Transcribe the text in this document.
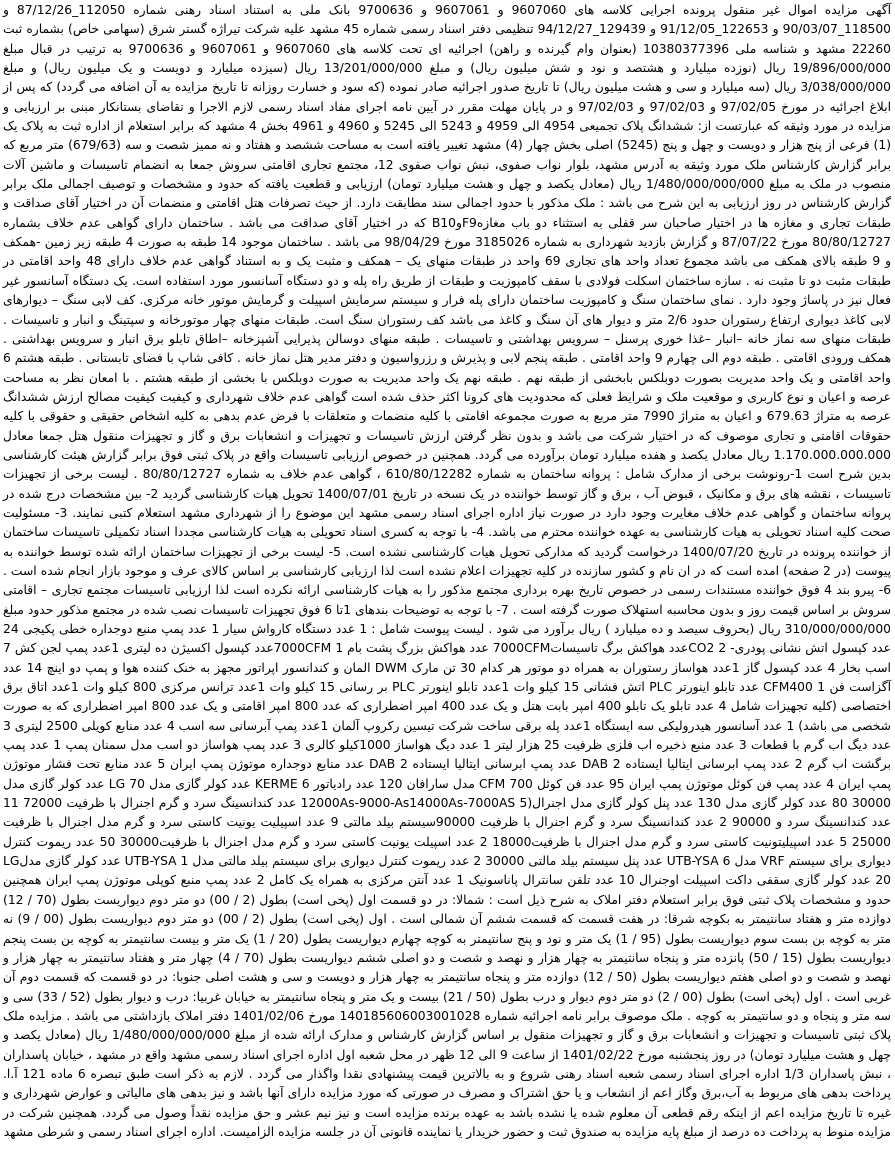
آگهی مزایده اموال غیر منقول پرونده اجرایی کلاسه های 9607060 و 9607061 و 9700636 بانک ملی به استناد اسناد رهنی شماره 112050_87/12/26 و 118500_90/03/07 و 122653_91/12/05 و 129439_94/12/27 تنظیمی دفتر اسناد رسمی شماره 45 مشهد علیه شرکت تیراژه گستر شرق (سهامی خاص) بشماره ثبت 22260 مشهد و شناسه ملی 10380377396 (بعنوان وام گیرنده و راهن) اجرائیه ای تحت کلاسه های 9607060 و 9607061 و 9700636 به ترتیب در قبال مبلغ 19/896/000/000 ریال (نوزده میلیارد و هشتصد و نود و شش میلیون ریال) و مبلغ 13/201/000/000 ریال (سیزده میلیارد و دویست و یک میلیون ریال) و مبلغ 3/038/000/000 ریال (سه میلیارد و سی و هشت میلیون ریال) تا تاریخ صدور اجرائیه صادر نموده (که سود و خسارت روزانه تا تاریخ مزایده به آن اضافه می گردد) که پس از ابلاغ اجرائیه در مورخ 97/02/05 و 97/02/03 و 97/02/03 و در پایان مهلت مقرر در آیین نامه اجرای مفاد اسناد رسمی لازم الاجرا و تقاضای بستانکار مبنی بر ارزیابی و مزایده در مورد وثیقه که عبارتست از: ششدانگ پلاک تجمیعی 4954 الی 4959 و 5243 الی 5245 و 4960 و 4961 بخش 4 مشهد که برابر استعلام از اداره ثبت به پلاک یک (1) فرعی از پنج هزار و دویست و چهل و پنج (5245) اصلی بخش چهار (4) مشهد تغییر یافته است به مساحت ششصد و هفتاد و نه ممیز شصت و سه (679/63) متر مربع که برابر گزارش کارشناس ملک مورد وثیقه به آدرس مشهد، بلوار نواب صفوی، نبش نواب صفوی 12، مجتمع تجاری اقامتی سروش جمعا به انضمام تاسیسات و ماشین آلات منصوب در ملک به مبلغ 1/480/000/000/000 ریال (معادل یکصد و چهل و هشت میلیارد تومان) ارزیابی و قطعیت یافته که حدود و مشخصات و توصیف اجمالی ملک برابر گزارش کارشناس در روز ارزیابی به این شرح می باشد : ملک مذکور با حدود اجمالی سند مطابقت دارد. از حیث تصرفات هتل اقامتی و منضمات آن در اختیار آقای صداقت و طبقات تجاری و مغازه ها در اختیار صاحبان سر قفلی به استثناء دو باب مغازهF9وB10 که در اختیار آقای صداقت می باشد . ساختمان دارای گواهی عدم خلاف بشماره 80/80/12727 مورخ 87/07/22 و گزارش بازدید شهرداری به شماره 3185026 مورخ 98/04/29 می باشد . ساختمان موجود 14 طبقه به صورت 4 طبقه زیر زمین -همکف و 9 طبقه بالای همکف می باشد مجموع تعداد واحد های تجاری 69 واحد در طبقات منهای یک – همکف و مثبت یک و به استناد گواهی عدم خلاف دارای 48 واحد اقامتی در طبقات مثبت دو تا مثبت نه . سازه ساختمان اسکلت فولادی با سقف کامپوزیت و طبقات از طریق راه پله و دو دستگاه آسانسور مورد استفاده است. یک دستگاه آسانسور غیر فعال نیز در پاساژ وجود دارد . نمای ساختمان سنگ و کامپوزیت ساختمان دارای پله فرار و سیستم سرمایش اسپیلت و گرمایش موتور خانه مرکزی. کف لابی سنگ – دیوارهای لابی کاغذ دیواری ارتفاع رستوران حدود 2/6 متر و دیوار های آن سنگ و کاغذ می باشد کف رستوران سنگ است. طبقات منهای چهار موتورخانه و سپتینگ و انبار و تاسیسات . طبقات منهای سه نماز خانه –انبار –غذا خوری پرسنل – سرویس بهداشتی و تاسیسات . طبقه منهای دوسالن پذیرایی آشپزخانه –اطاق تابلو برق انبار و سرویس بهداشتی . همکف ورودی اقامتی . طبقه دوم الی چهارم 9 واحد اقامتی . طبقه پنجم لابی و پذیرش و رزرواسیون و دفتر مدیر هتل نماز خانه . کافی شاپ با فضای تابستانی . طبقه هشتم 6 واحد اقامتی و یک واحد مدیریت بصورت دوبلکس بابخشی از طبقه نهم . طبقه نهم یک واحد مدیریت به صورت دوبلکس با بخشی از طبقه هشتم . با امعان نظر به مساحت عرصه و اعیان و نوع کاربری و موقعیت ملک و شرایط فعلی که محدودیت های کرونا اکثر حذف شده است گواهی عدم خلاف شهرداری و کیفیت کیفیت مصالح ارزش ششدانگ عرصه به متراژ 679.63 و اعیان به متراژ 7990 متر مربع به صورت مجموعه اقامتی با کلیه منضمات و متعلقات با فرض عدم بدهی به کلیه اشخاص حقیقی و حقوقی با کلیه حقوقات اقامتی و تجاری موصوف که در اختیار شرکت می باشد و بدون نظر گرفتن ارزش تاسیسات و تجهیزات و انشعابات برق و گاز و تجهیزات منقول هتل جمعا معادل 1.170.000.000.000 ریال معادل یکصد و هفده میلیارد تومان برآورده می گردد. همچنین در خصوص ارزیابی تاسیسات واقع در پلاک ثبتی فوق برابر گزارش هیئت کارشناسی بدین شرح است 1-رونوشت برخی از مدارک شامل : پروانه ساختمان به شماره 610/80/12282 ، گواهی عدم خلاف به شماره 80/80/12727 . لیست برخی از تجهیزات تاسیسات ، نقشه های برق و مکانیک ، قبوض آب ، برق و گاز توسط خواننده در یک نسخه در تاریخ 1400/07/01 تحویل هیات کارشناسی گردید 2- بین مشخصات درج شده در پروانه ساختمان و گواهی عدم خلاف مغایرت وجود دارد در صورت نیاز اداره اجرای اسناد رسمی مشهد این موضوع را از شهرداری مشهد استعلام کتبی نمایند. 3- مسئولیت صحت کلیه اسناد تحویلی به هیات کارشناسی به عهده خواننده محترم می باشد. 4- با توجه به کسری اسناد تحویلی به هیات کارشناسی مجددا اسناد تکمیلی تاسیسات ساختمان از خواننده پرونده در تاریخ 1400/07/20 درخواست گردید که مدارکی تحویل هیات کارشناسی نشده است. 5- لیست برخی از تجهیزات ساختمان ارائه شده توسط خواننده به پیوست (در 2 صفحه) امده است که در ان نام و کشور سازنده در کلیه تجهیزات اعلام نشده است لذا ارزیابی کارشناسی بر اساس کالای عرف و موجود بازار انجام شده است . 6- پیرو بند 4 فوق خواننده مستندات رسمی در خصوص تاریخ بهره برداری مجتمع مذکور را به هیات کارشناسی ارائه نکرده است لذا ارزیابی تاسیسات مجتمع تجاری – اقامتی سروش بر اساس قیمت روز و بدون محاسبه استهلاک صورت گرفته است . 7- با توجه به توضیحات بندهای 1تا 6 فوق تجهیزات تاسیسات نصب شده در مجتمع مذکور حدود مبلغ 310/000/000/000 ریال (بحروف سیصد و ده میلیارد ) ریال برآورد می شود . لیست پیوست شامل : 1 عدد دستگاه کارواش سیار 1 عدد پمپ منبع دوجداره خطی پکیجی 24 عدد کپسول اتش نشانی پودری- 2 CO2عدد هواکش برگ تاسیسات7000CFM عدد هواکش بزرگ پشت بام 1 7000CFMعدد کپسول اکسیژن ده لیتری 1عدد پمپ لجن کش 7 اسب بخار 4 عدد کپسول گاز 1عدد هواساز رستوران به همراه دو موتور هر کدام 30 تن مارک DWM المان و کندانسور اپراتور مجهز به خنک کننده هوا و پمپ دو اینچ 14 عدد آگزاست فن CFM400 1 عدد تابلو اینورتر PLC اتش فشانی 15 کیلو وات 1عدد تابلو اینورتر PLC بر رسانی 15 کیلو وات 1عدد ترانس مرکزی 800 کیلو وات 1عدد اتاق برق اختصاصی (کلیه تجهیزات شامل 4 عدد تابلو یک تابلو 400 امپر بابت هتل و یک عدد 400 امپر اضطراری که عدد 800 امپر اقامتی و یک عدد 800 امپر اضطراری که به صورت شخصی می باشد) 1 عدد آسانسور هیدرولیکی سه ایستگاه 1عدد پله برقی ساخت شرکت تیسین رکروپ آلمان 1عدد پمپ آبرسانی سه اسب 4 عدد منابع کویلی 2500 لیتری 3 عدد دیگ اب گرم با قطعات 3 عدد منبع ذخیره اب فلزی ظرفیت 25 هزار لیتر 1 عدد دیگ هواساز 1000کیلو کالری 3 عدد پمپ هواساز دو اسب مدل سمنان پمپ 1 عدد پمپ برگشت اب گرم 2 عدد پمپ ابرسانی ایتالیا ایستاده 2 DAB عدد پمپ ابرسانی ایتالیا ایستاده 2 DAB عدد منابع دوجداره موتوژن پمپ ایران 5 عدد منابع تحت فشار موتوژن پمپ ایران 4 عدد پمپ فن کوئل موتوژن پمپ ایران 95 عدد فن کوئل 700 CFM مدل سارافان 120 عدد رادیاتور KERME 6 عدد کولر گازی مدل LG 70 عدد کولر گازی مدل 30000 80 عدد کولر گازی مدل 130 عدد پنل کولر گازی مدل اجنرال(5 12000As-9000-As14000As-7000AS عدد کندانسینگ سرد و گرم اجنرال با ظرفیت 72000 11 عدد کندانسینگ سرد و 90000 2 عدد کندانسینگ سرد و گرم اجنرال با ظرفیت 90000سیستم بیلد مالتی 9 عدد اسپیلیت یونیت کاستی سرد و گرم مدل اجنرال با ظرفیت 25000 5 عدد اسپیلیتونیت کاستی سرد و گرم مدل اجنرال با ظرفیت18000 2 عدد اسپیلت یونیت کاستی سرد و گرم مدل اجنرال با ظرفیت30000 50 عدد ریموت کنترل دیواری برای سیستم VRF مدل UTB-YSA 6 عدد پنل سیستم بیلد مالتی 30000 2 عدد ریموت کنترل دیواری برای سیستم بیلد مالتی مدل UTB-YSA 1 عدد کولر گازی مدلLG 20 عدد کولر گازی سقفی داکت اسپیلت اوجنرال 10 عدد تلفن سانترال پاناسونیک 1 عدد آنتن مرکزی به همراه یک کامل 2 عدد پمپ منبع کوپلی موتوژن پمپ ایران همچنین حدود و مشخصات پلاک ثبتی فوق برابر استعلام دفتر املاک به شرح ذیل است : شمالا: در دو قسمت اول (پخی است) بطول (2 / 00) دو متر دوم دیواریست بطول (70 / 12) دوازده متر و هفتاد سانتیمتر به بکوچه شرقا: در هفت قسمت که قسمت ششم آن شمالی است . اول (پخی است) بطول (2 / 00) دو متر دوم دیواریست بطول (00 / 9) نه متر به کوچه بن بست سوم دیواریست بطول (95 / 1) یک متر و نود و پنج سانتیمتر به کوچه چهارم دیواریست بطول (20 / 1) یک متر و بیست سانتیمتر به کوچه بن بست پنجم دیواریست بطول (15 / 50) پانزده متر و پنجاه سانتیمتر به چهار هزار و نهصد و شصت و دو اصلی ششم دیواریست بطول (70 / 4) چهار متر و هفتاد سانتیمتر به چهار هزار و نهصد و شصت و دو اصلی هفتم دیواریست بطول (50 / 12) دوازده متر و پنجاه سانتیمتر به چهار هزار و دویست و سی و هشت اصلی جنوبا: در دو قسمت که قسمت دوم آن غربی است . اول (پخی است) بطول (00 / 2) دو متر دوم دیوار و درب بطول (50 / 21) بیست و یک متر و پنجاه سانتیمتر به خیابان غربیا: درب و دیوار بطول (52 / 33) سی و سه متر و پنجاه و دو سانتیمتر به کوچه . ملک موصوف برابر نامه اجرائیه شماره 140185606003001028 مورخ 1401/02/06 دفتر املاک بازداشتی می باشد . مزایده ملک پلاک ثبتی تاسیسات و تجهیزات و انشعابات برق و گاز و تجهیزات منقول بر اساس گزارش کارشناس و مدارک ارائه شده از مبلغ 1/480/000/000/000 ریال (معادل یکصد و چهل و هشت میلیارد تومان) در روز پنجشنبه مورخ 1401/02/22 از ساعت 9 الی 12 ظهر در محل شعبه اول اداره اجرای اسناد رسمی مشهد واقع در مشهد ، خیابان پاسداران ، نبش پاسداران 1/3 اداره اجرای اسناد رسمی شعبه اسناد رهنی شروع و به بالاترین قیمت پیشنهادی نقدا واگذار می گردد . لازم به ذکر است طبق تبصره 6 ماده 121 آ.ا. پرداخت بدهی های مربوط به آب،برق وگاز اعم از انشعاب و یا حق اشتراک و مصرف در صورتی که مورد مزایده دارای آنها باشد و نیز بدهی های مالیاتی و عوارض شهرداری و غیره تا تاریخ مزایده اعم از اینکه رقم قطعی آن معلوم شده یا نشده باشد به عهده برنده مزایده است و نیز نیم عشر و حق مزایده نقداً وصول می گردد. همچنین شرکت در مزایده منوط به پرداخت ده درصد از مبلغ پایه مزایده به صندوق ثبت و حضور خریدار یا نماینده قانونی آن در جلسه مزایده الزامیست. اداره اجرای اسناد رسمی و شرطی مشهد
